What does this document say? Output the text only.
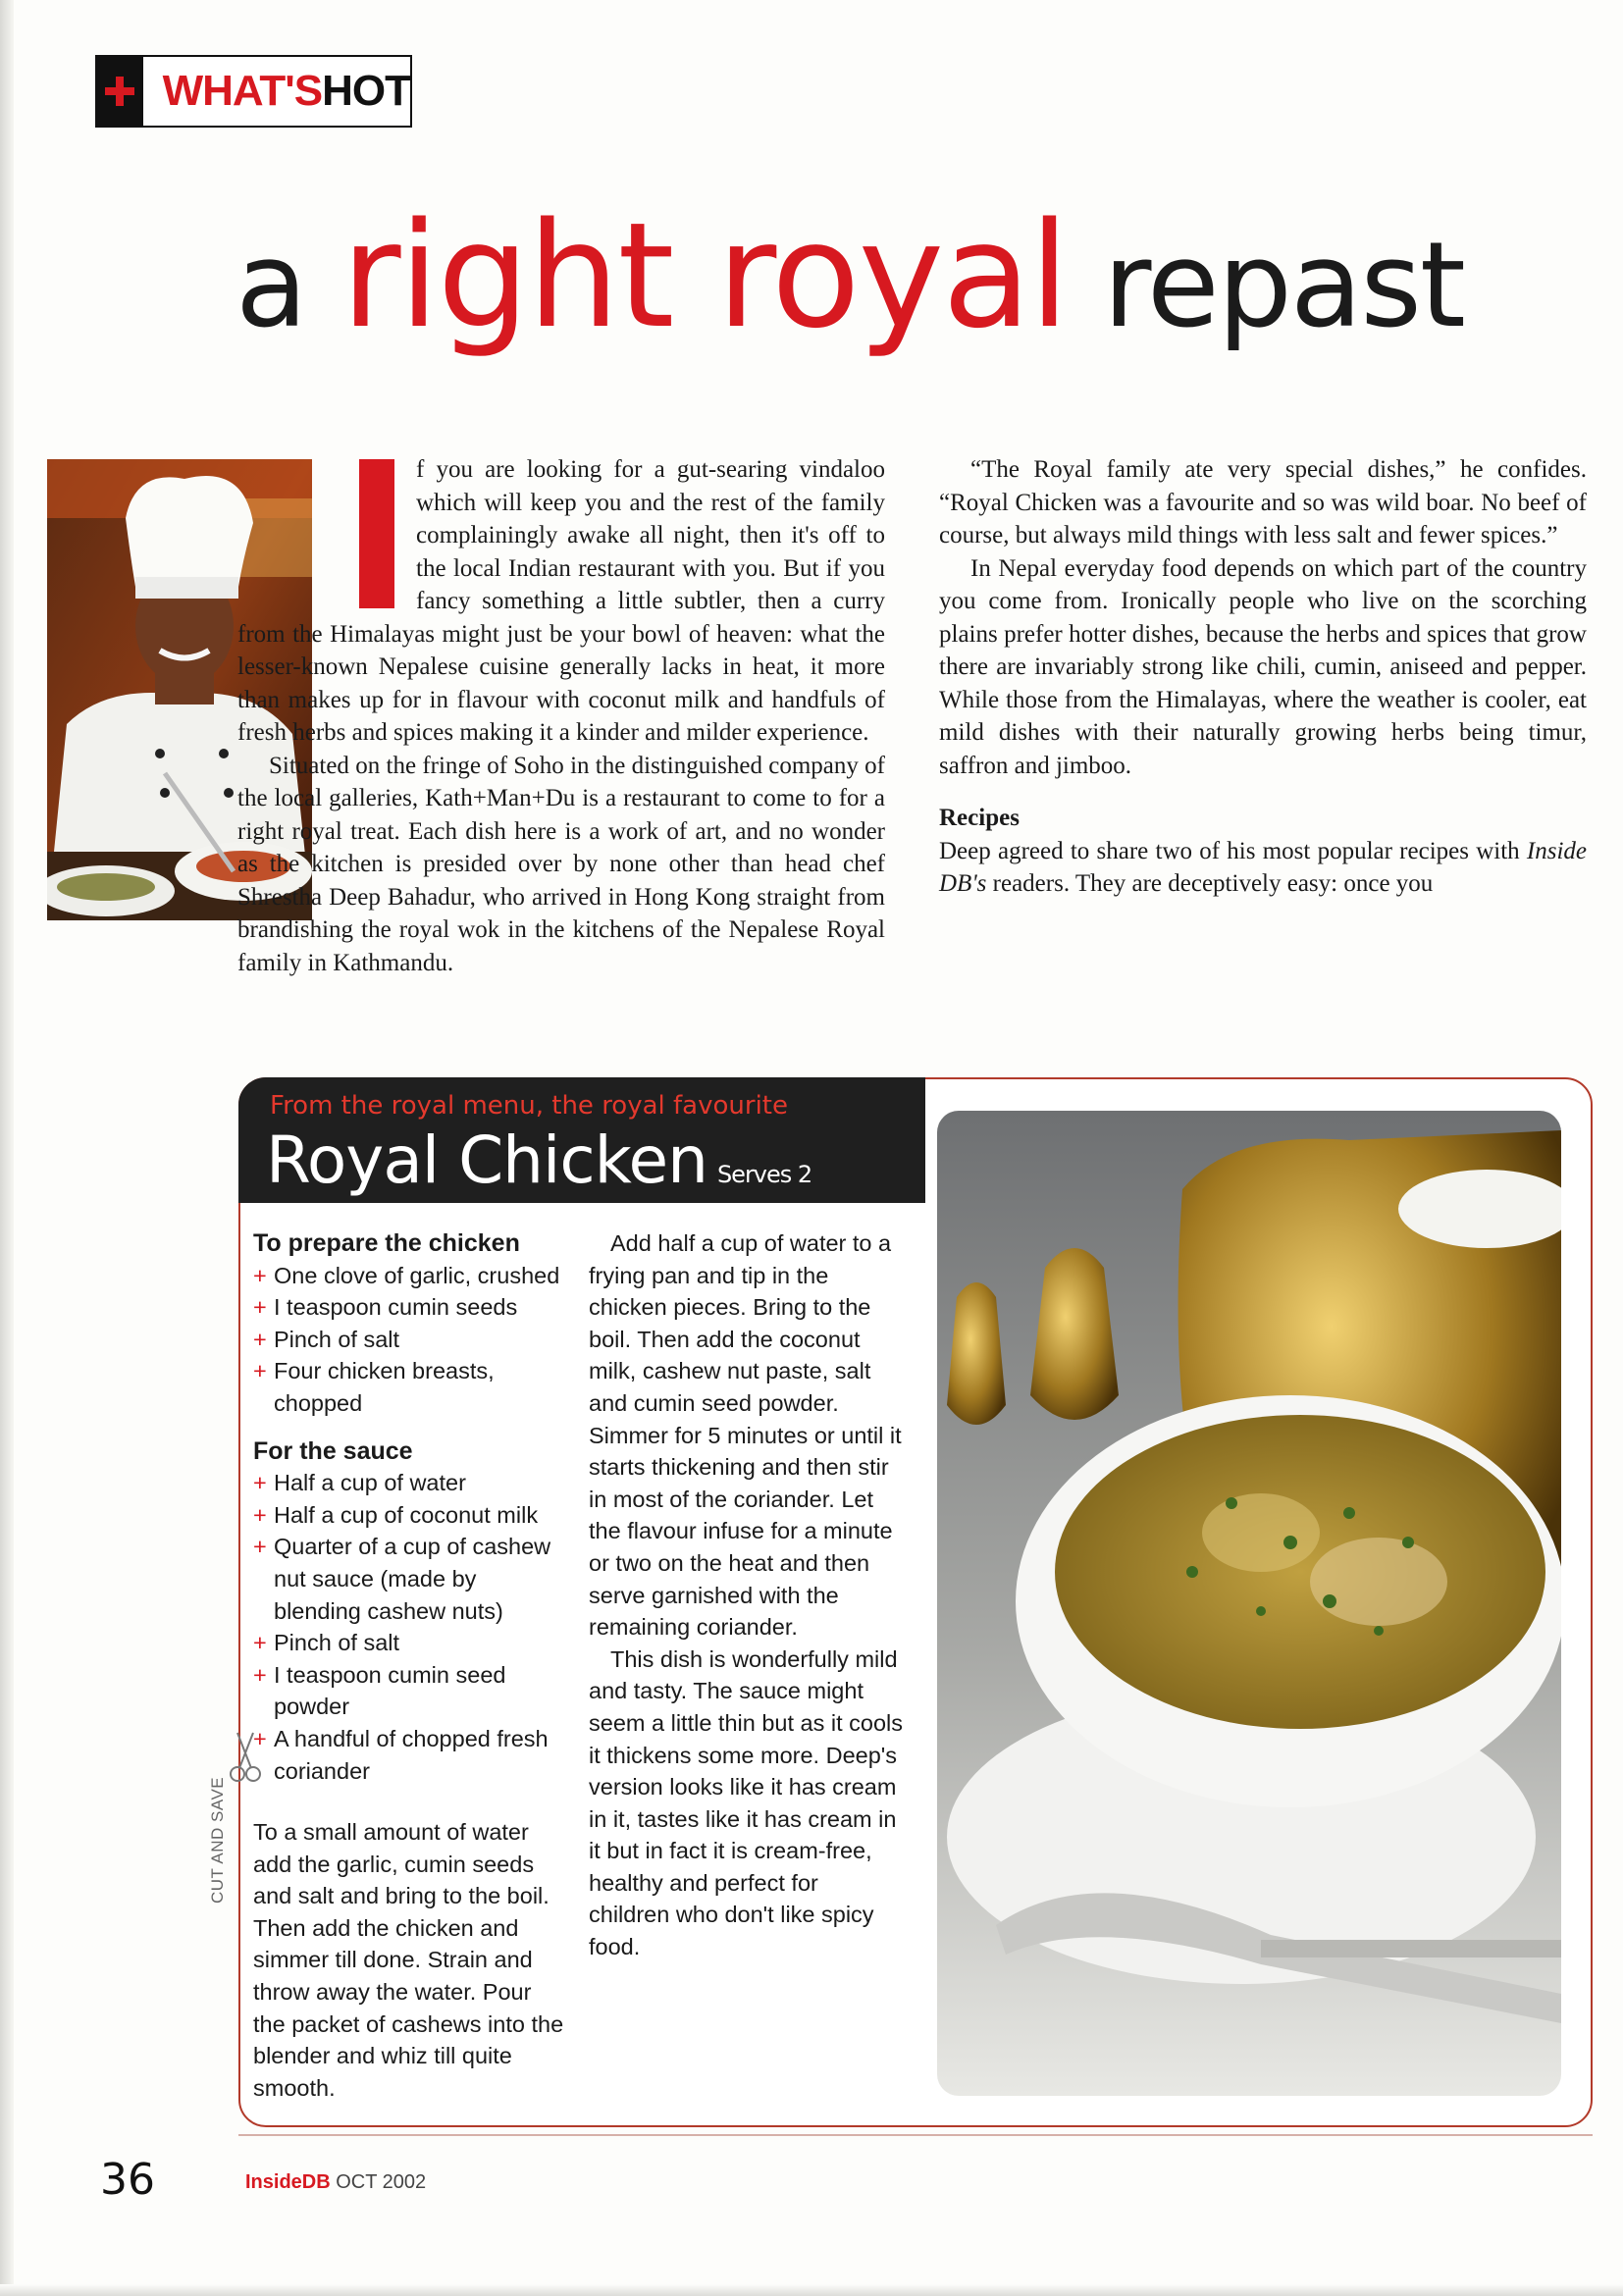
WHAT'S HOT
a right royal repast

f you are looking for a gut-searing vindaloo which will keep you and the rest of the family complainingly awake all night, then it's off to the local Indian restaurant with you. But if you fancy something a little subtler, then a curry from the Himalayas might just be your bowl of heaven: what the lesser-known Nepalese cuisine generally lacks in heat, it more than makes up for in flavour with coconut milk and handfuls of fresh herbs and spices making it a kinder and milder experience.

Situated on the fringe of Soho in the distinguished company of the local galleries, Kath+Man+Du is a restaurant to come to for a right royal treat. Each dish here is a work of art, and no wonder as the kitchen is presided over by none other than head chef Shrestha Deep Bahadur, who arrived in Hong Kong straight from brandishing the royal wok in the kitchens of the Nepalese Royal family in Kathmandu.

“The Royal family ate very special dishes,” he confides. “Royal Chicken was a favourite and so was wild boar. No beef of course, but always mild things with less salt and fewer spices.”

In Nepal everyday food depends on which part of the country you come from. Ironically people who live on the scorching plains prefer hotter dishes, because the herbs and spices that grow there are invariably strong like chili, cumin, aniseed and pepper. While those from the Himalayas, where the weather is cooler, eat mild dishes with their naturally growing herbs being timur, saffron and jimboo.

Recipes

Deep agreed to share two of his most popular recipes with Inside DB's readers. They are deceptively easy: once you

From the royal menu, the royal favourite
Royal Chicken Serves 2

To prepare the chicken

+ One clove of garlic, crushed

+ I teaspoon cumin seeds

+ Pinch of salt

+ Four chicken breasts, chopped

For the sauce

+ Half a cup of water

+ Half a cup of coconut milk

+ Quarter of a cup of cashew nut sauce (made by blending cashew nuts)

+ Pinch of salt

+ I teaspoon cumin seed powder

+ A handful of chopped fresh coriander

To a small amount of water add the garlic, cumin seeds and salt and bring to the boil. Then add the chicken and simmer till done. Strain and throw away the water. Pour the packet of cashews into the blender and whiz till quite smooth.

Add half a cup of water to a frying pan and tip in the chicken pieces. Bring to the boil. Then add the coconut milk, cashew nut paste, salt and cumin seed powder. Simmer for 5 minutes or until it starts thickening and then stir in most of the coriander. Let the flavour infuse for a minute or two on the heat and then serve garnished with the remaining coriander.

This dish is wonderfully mild and tasty. The sauce might seem a little thin but as it cools it thickens some more. Deep's version looks like it has cream in it, tastes like it has cream in it but in fact it is cream-free, healthy and perfect for children who don't like spicy food.

CUT AND SAVE
36	InsideDB OCT 2002
